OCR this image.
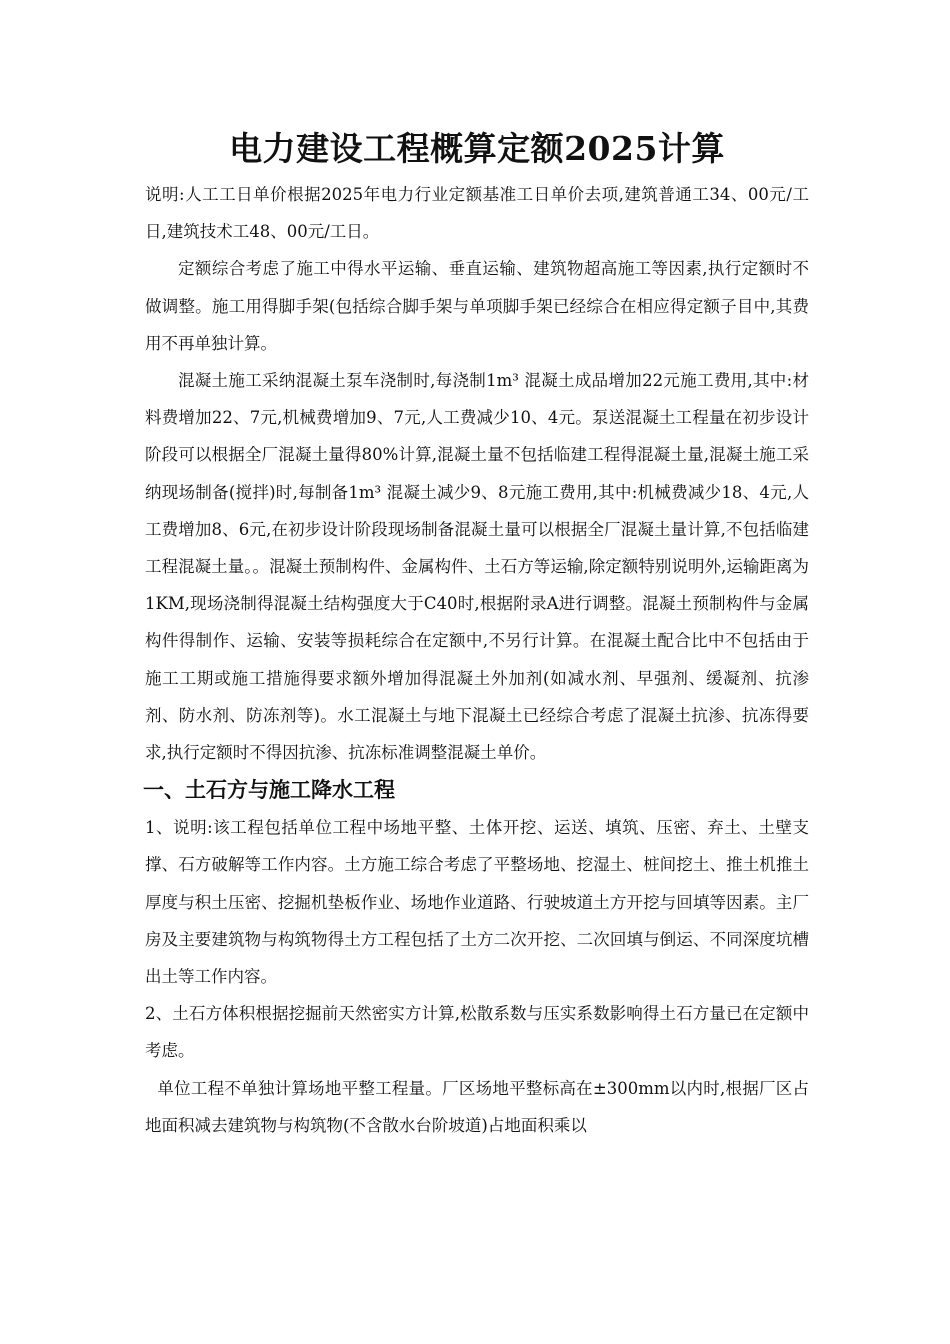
电力建设工程概算定额2025计算

说明:人工工日单价根据2025年电力行业定额基准工日单价去项,建筑普通工34、00元/工日,建筑技术工48、00元/工日。

定额综合考虑了施工中得水平运输、垂直运输、建筑物超高施工等因素,执行定额时不做调整。施工用得脚手架(包括综合脚手架与单项脚手架已经综合在相应得定额子目中,其费用不再单独计算。

混凝土施工采纳混凝土泵车浇制时,每浇制1m³ 混凝土成品增加22元施工费用,其中:材料费增加22、7元,机械费增加9、7元,人工费减少10、4元。泵送混凝土工程量在初步设计阶段可以根据全厂混凝土量得80%计算,混凝土量不包括临建工程得混凝土量,混凝土施工采纳现场制备(搅拌)时,每制备1m³ 混凝土减少9、8元施工费用,其中:机械费减少18、4元,人工费增加8、6元,在初步设计阶段现场制备混凝土量可以根据全厂混凝土量计算,不包括临建工程混凝土量。。混凝土预制构件、金属构件、土石方等运输,除定额特别说明外,运输距离为1KM,现场浇制得混凝土结构强度大于C40时,根据附录A进行调整。混凝土预制构件与金属构件得制作、运输、安装等损耗综合在定额中,不另行计算。在混凝土配合比中不包括由于施工工期或施工措施得要求额外增加得混凝土外加剂(如减水剂、早强剂、缓凝剂、抗渗剂、防水剂、防冻剂等)。水工混凝土与地下混凝土已经综合考虑了混凝土抗渗、抗冻得要求,执行定额时不得因抗渗、抗冻标准调整混凝土单价。

一、土石方与施工降水工程

1、说明:该工程包括单位工程中场地平整、土体开挖、运送、填筑、压密、弃土、土壁支撑、石方破解等工作内容。土方施工综合考虑了平整场地、挖湿土、桩间挖土、推土机推土厚度与积土压密、挖掘机垫板作业、场地作业道路、行驶坡道土方开挖与回填等因素。主厂房及主要建筑物与构筑物得土方工程包括了土方二次开挖、二次回填与倒运、不同深度坑槽出土等工作内容。

2、土石方体积根据挖掘前天然密实方计算,松散系数与压实系数影响得土石方量已在定额中考虑。

单位工程不单独计算场地平整工程量。厂区场地平整标高在±300mm以内时,根据厂区占地面积减去建筑物与构筑物(不含散水台阶坡道)占地面积乘以
